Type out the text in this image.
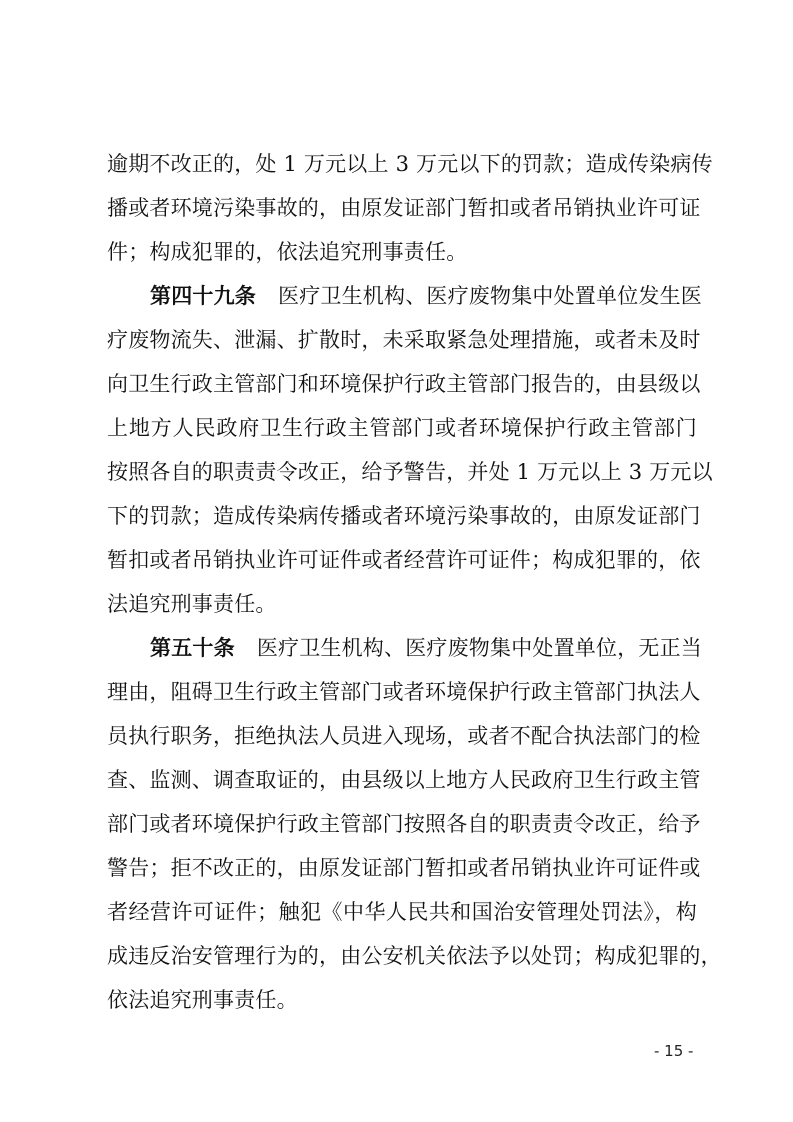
逾期不改正的，处 1 万元以上 3 万元以下的罚款；造成传染病传
播或者环境污染事故的，由原发证部门暂扣或者吊销执业许可证
件；构成犯罪的，依法追究刑事责任。
第四十九条 医疗卫生机构、医疗废物集中处置单位发生医
疗废物流失、泄漏、扩散时，未采取紧急处理措施，或者未及时
向卫生行政主管部门和环境保护行政主管部门报告的，由县级以
上地方人民政府卫生行政主管部门或者环境保护行政主管部门
按照各自的职责责令改正，给予警告，并处 1 万元以上 3 万元以
下的罚款；造成传染病传播或者环境污染事故的，由原发证部门
暂扣或者吊销执业许可证件或者经营许可证件；构成犯罪的，依
法追究刑事责任。
第五十条 医疗卫生机构、医疗废物集中处置单位，无正当
理由，阻碍卫生行政主管部门或者环境保护行政主管部门执法人
员执行职务，拒绝执法人员进入现场，或者不配合执法部门的检
查、监测、调查取证的，由县级以上地方人民政府卫生行政主管
部门或者环境保护行政主管部门按照各自的职责责令改正，给予
警告；拒不改正的，由原发证部门暂扣或者吊销执业许可证件或
者经营许可证件；触犯《中华人民共和国治安管理处罚法》，构
成违反治安管理行为的，由公安机关依法予以处罚；构成犯罪的，
依法追究刑事责任。
- 15 -
